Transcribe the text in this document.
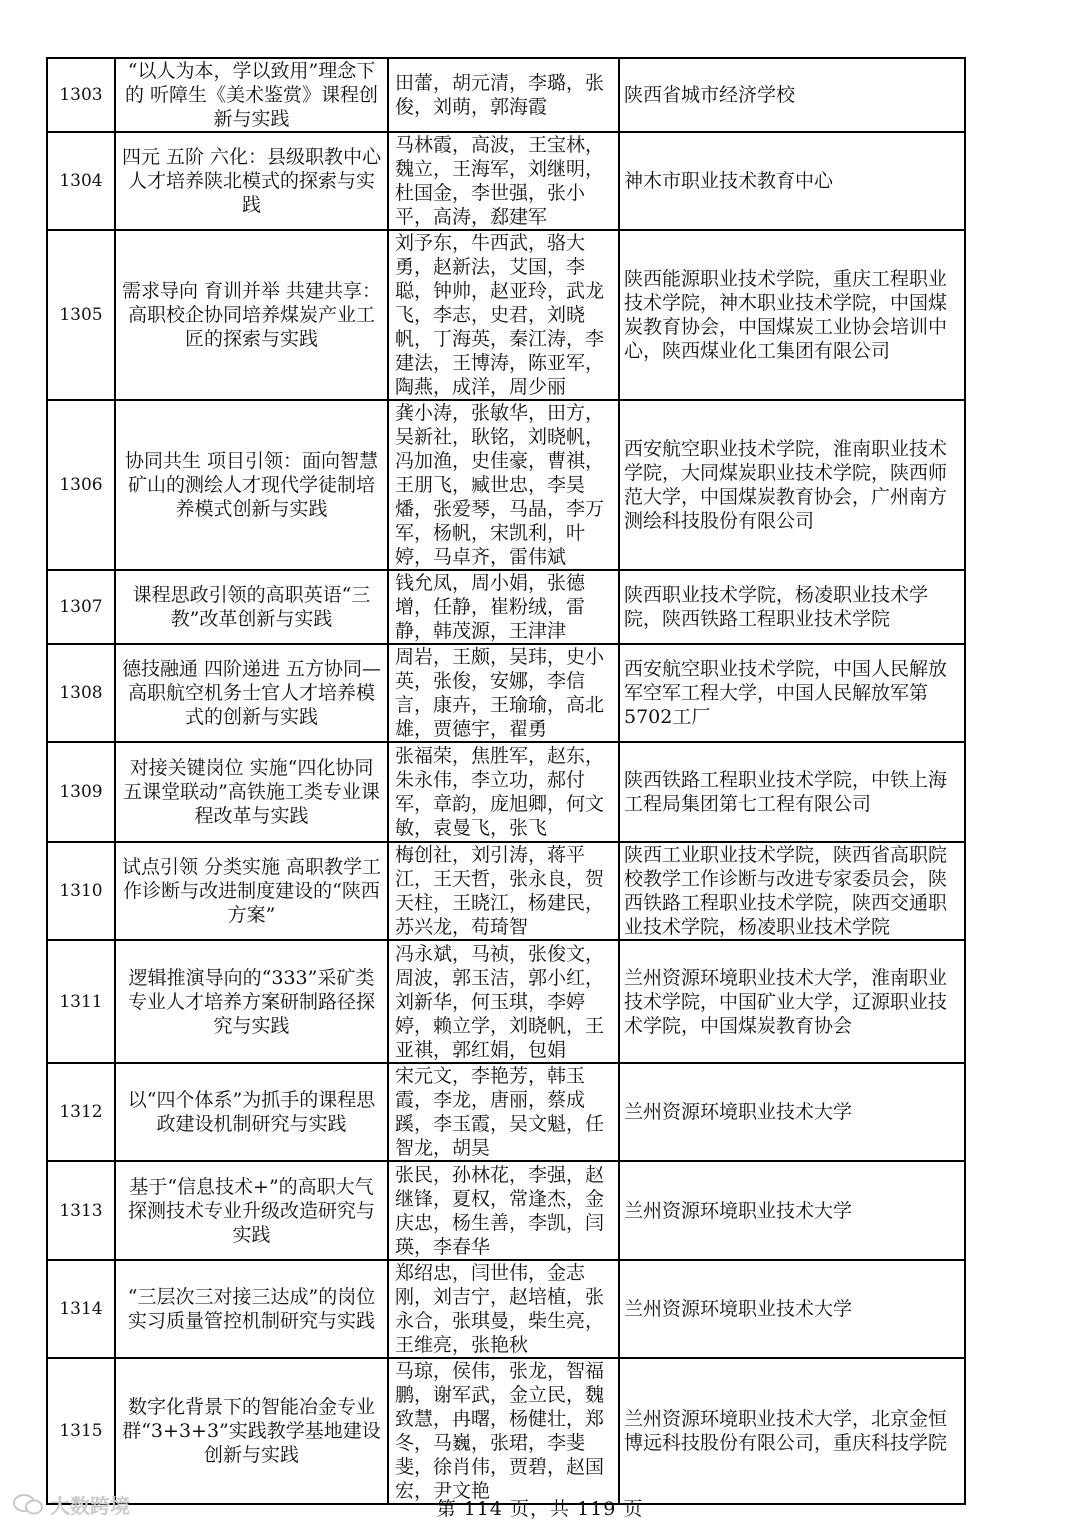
1303	“以人为本，学以致用”理念下的 听障生《美术鉴赏》课程创新与实践	田蕾，胡元清，李璐，张俊，刘萌，郭海霞	陕西省城市经济学校
1304	四元 五阶 六化：县级职教中心人才培养陕北模式的探索与实践	马林霞，高波，王宝林，魏立，王海军，刘继明，杜国金，李世强，张小平，高涛，郄建军	神木市职业技术教育中心
1305	需求导向 育训并举 共建共享：高职校企协同培养煤炭产业工匠的探索与实践	刘予东，牛西武，骆大勇，赵新法，艾国，李聪，钟帅，赵亚玲，武龙飞，李志，史君，刘晓帆，丁海英，秦江涛，李建法，王博涛，陈亚军，陶燕，成洋，周少丽	陕西能源职业技术学院，重庆工程职业技术学院，神木职业技术学院，中国煤炭教育协会，中国煤炭工业协会培训中心，陕西煤业化工集团有限公司
1306	协同共生 项目引领：面向智慧矿山的测绘人才现代学徒制培养模式创新与实践	龚小涛，张敏华，田方，吴新社，耿铭，刘晓帆，冯加渔，史佳豪，曹祺，王朋飞，臧世忠，李昊燔，张爱琴，马晶，李万军，杨帆，宋凯利，叶婷，马卓齐，雷伟斌	西安航空职业技术学院，淮南职业技术学院，大同煤炭职业技术学院，陕西师范大学，中国煤炭教育协会，广州南方测绘科技股份有限公司
1307	课程思政引领的高职英语“三教”改革创新与实践	钱允凤，周小娟，张德增，任静，崔粉绒，雷静，韩茂源，王津津	陕西职业技术学院，杨凌职业技术学院，陕西铁路工程职业技术学院
1308	德技融通 四阶递进 五方协同—高职航空机务士官人才培养模式的创新与实践	周岩，王颇，吴玮，史小英，张俊，安娜，李信言，康卉，王瑜瑜，高北雄，贾德宇，翟勇	西安航空职业技术学院，中国人民解放军空军工程大学，中国人民解放军第5702工厂
1309	对接关键岗位 实施“四化协同 五课堂联动”高铁施工类专业课程改革与实践	张福荣，焦胜军，赵东，朱永伟，李立功，郝付军，章韵，庞旭卿，何文敏，袁曼飞，张飞	陕西铁路工程职业技术学院，中铁上海工程局集团第七工程有限公司
1310	试点引领 分类实施 高职教学工作诊断与改进制度建设的“陕西方案”	梅创社，刘引涛，蒋平江，王天哲，张永良，贺天柱，王晓江，杨建民，苏兴龙，苟琦智	陕西工业职业技术学院，陕西省高职院校教学工作诊断与改进专家委员会，陕西铁路工程职业技术学院，陕西交通职业技术学院，杨凌职业技术学院
1311	逻辑推演导向的“333”采矿类专业人才培养方案研制路径探究与实践	冯永斌，马祯，张俊文，周波，郭玉洁，郭小红，刘新华，何玉琪，李婷婷，赖立学，刘晓帆，王亚祺，郭红娟，包娟	兰州资源环境职业技术大学，淮南职业技术学院，中国矿业大学，辽源职业技术学院，中国煤炭教育协会
1312	以“四个体系”为抓手的课程思政建设机制研究与实践	宋元文，李艳芳，韩玉霞，李龙，唐丽，蔡成蹊，李玉霞，吴文魁，任智龙，胡昊	兰州资源环境职业技术大学
1313	基于“信息技术+”的高职大气探测技术专业升级改造研究与实践	张民，孙林花，李强，赵继锋，夏权，常逢杰，金庆忠，杨生善，李凯，闫瑛，李春华	兰州资源环境职业技术大学
1314	“三层次三对接三达成”的岗位实习质量管控机制研究与实践	郑绍忠，闫世伟，金志刚，刘吉宁，赵培植，张永合，张琪曼，柴生亮，王维亮，张艳秋	兰州资源环境职业技术大学
1315	数字化背景下的智能冶金专业群“3+3+3”实践教学基地建设创新与实践	马琼，侯伟，张龙，智福鹏，谢军武，金立民，魏致慧，冉曙，杨健壮，郑冬，马巍，张珺，李斐斐，徐肖伟，贾碧，赵国宏，尹文艳	兰州资源环境职业技术大学，北京金恒博远科技股份有限公司，重庆科技学院
大数跨境	第 114 页，共 119 页
